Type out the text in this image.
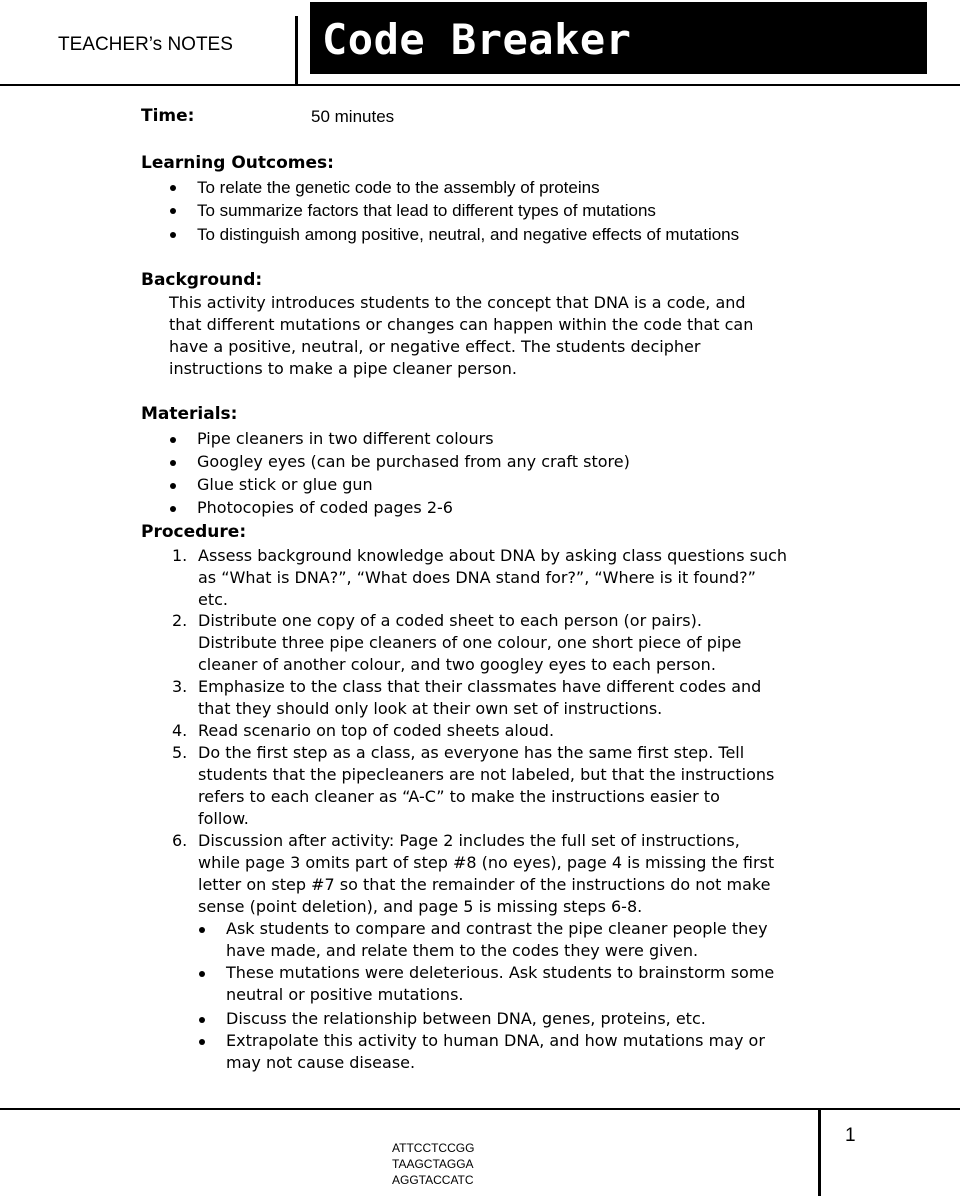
TEACHER’s NOTES Code Breaker
Time:	50 minutes
Learning Outcomes:
To relate the genetic code to the assembly of proteins
To summarize factors that lead to different types of mutations
To distinguish among positive, neutral, and negative effects of mutations
Background:
This activity introduces students to the concept that DNA is a code, and
that different mutations or changes can happen within the code that can
have a positive, neutral, or negative effect. The students decipher
instructions to make a pipe cleaner person.
Materials:
Pipe cleaners in two different colours
Googley eyes (can be purchased from any craft store)
Glue stick or glue gun
Photocopies of coded pages 2-6
Procedure:
1. Assess background knowledge about DNA by asking class questions such
as “What is DNA?”, “What does DNA stand for?”, “Where is it found?”
etc.
2. Distribute one copy of a coded sheet to each person (or pairs).
Distribute three pipe cleaners of one colour, one short piece of pipe
cleaner of another colour, and two googley eyes to each person.
3. Emphasize to the class that their classmates have different codes and
that they should only look at their own set of instructions.
4. Read scenario on top of coded sheets aloud.
5. Do the first step as a class, as everyone has the same first step. Tell
students that the pipecleaners are not labeled, but that the instructions
refers to each cleaner as “A-C” to make the instructions easier to
follow.
6. Discussion after activity: Page 2 includes the full set of instructions,
while page 3 omits part of step #8 (no eyes), page 4 is missing the first
letter on step #7 so that the remainder of the instructions do not make
sense (point deletion), and page 5 is missing steps 6-8.
Ask students to compare and contrast the pipe cleaner people they
have made, and relate them to the codes they were given.
These mutations were deleterious. Ask students to brainstorm some
neutral or positive mutations.
Discuss the relationship between DNA, genes, proteins, etc.
Extrapolate this activity to human DNA, and how mutations may or
may not cause disease.
ATTCCTCCGG
TAAGCTAGGA
AGGTACCATC
1
